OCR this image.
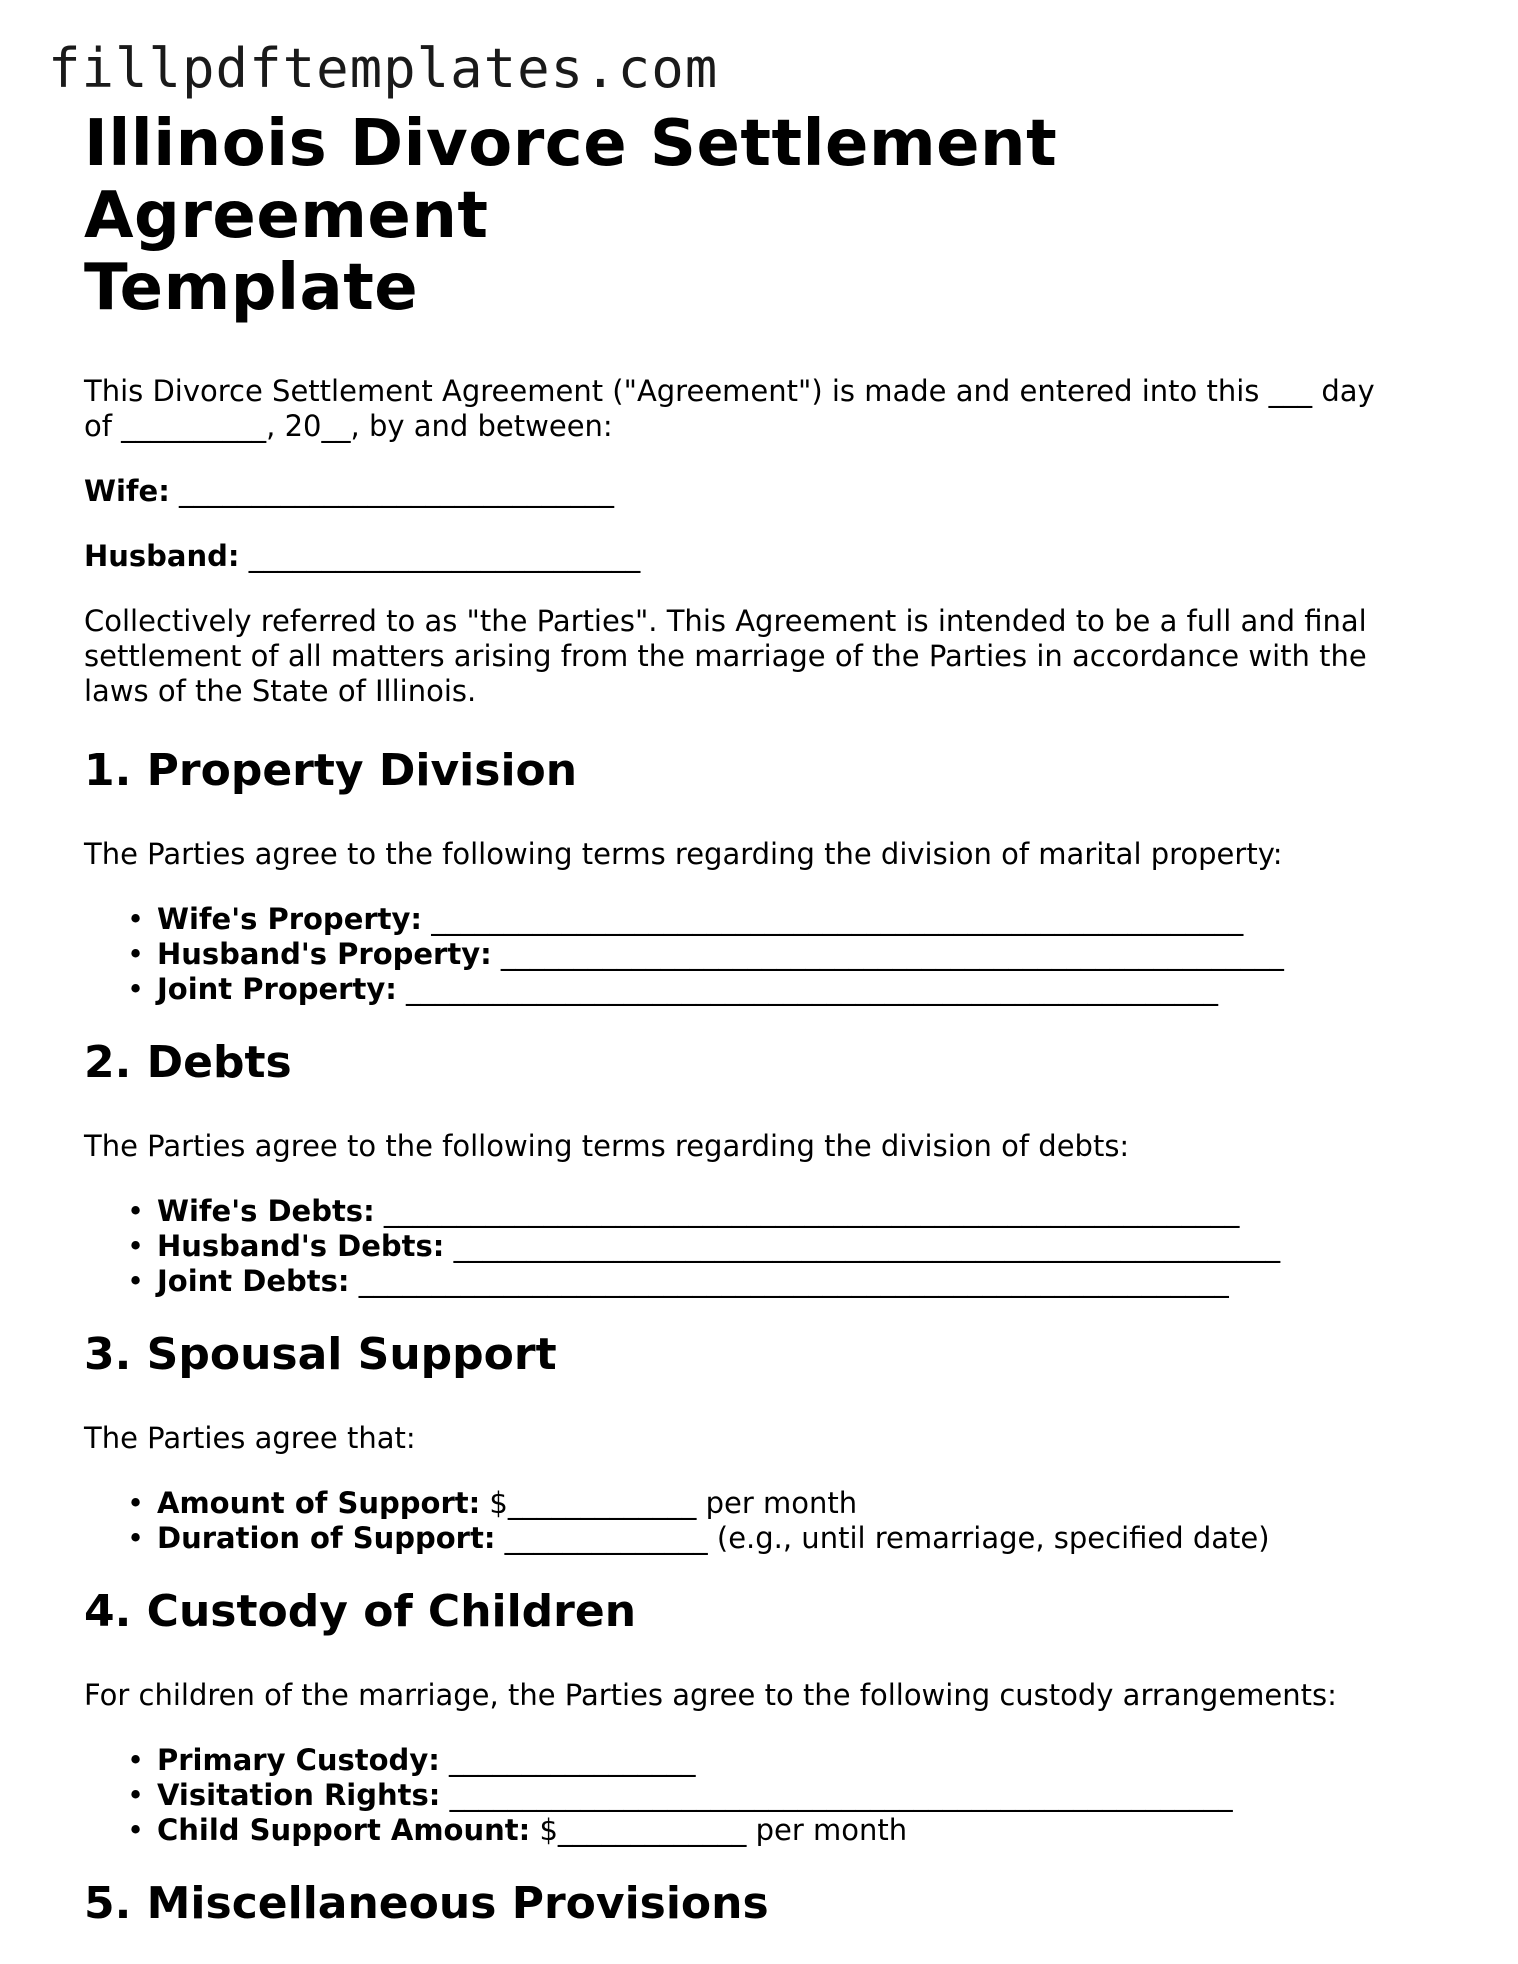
fillpdftemplates.com
Illinois Divorce Settlement Agreement
Template

This Divorce Settlement Agreement ("Agreement") is made and entered into this ___ day
of __________, 20__, by and between:

Wife: ______________________________

Husband: ___________________________

Collectively referred to as "the Parties". This Agreement is intended to be a full and final
settlement of all matters arising from the marriage of the Parties in accordance with the
laws of the State of Illinois.

1. Property Division

The Parties agree to the following terms regarding the division of marital property:

• Wife's Property: ________________________________________________________
• Husband's Property: ______________________________________________________
• Joint Property: ________________________________________________________
2. Debts

The Parties agree to the following terms regarding the division of debts:

• Wife's Debts: ___________________________________________________________
• Husband's Debts: _________________________________________________________
• Joint Debts: ____________________________________________________________
3. Spousal Support

The Parties agree that:

• Amount of Support: $_____________ per month
• Duration of Support: ______________ (e.g., until remarriage, specified date)
4. Custody of Children

For children of the marriage, the Parties agree to the following custody arrangements:

• Primary Custody: _________________
• Visitation Rights: ______________________________________________________
• Child Support Amount: $_____________ per month
5. Miscellaneous Provisions
